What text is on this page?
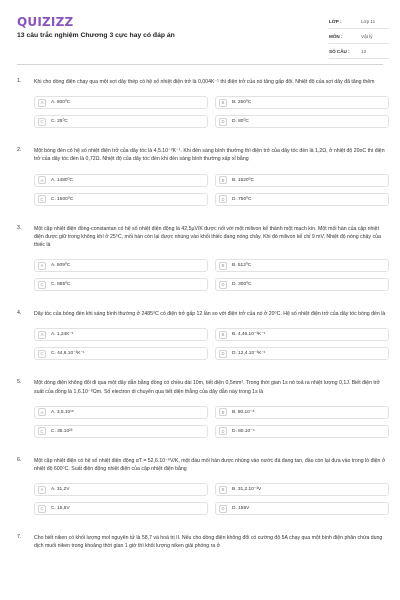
QUIZIZZ
13 câu trắc nghiệm Chương 3 cực hay có đáp án
LỚP :	Lớp 11
MÔN :	Vật lý
SỐ CÂU :	13
1. Khi cho dòng điện chạy qua một sợi dây thép có hệ số nhiệt điện trở là 0,004K⁻¹ thì điện trở của nó tăng gấp đôi. Nhiệt độ của sợi dây đã tăng thêm
A	A. 800⁰C	B	B. 250⁰C
C	C. 25⁰C	D	D. 80⁰C
2. Một bóng đèn có hệ số nhiệt điện trở của dây tóc là 4,5.10⁻³K⁻¹. Khi đèn sáng bình thường thì điện trở của dây tóc đèn là 1,2Ω, ở nhiệt độ 20oC thì điện trở của dây tóc đèn là 0,72Ω. Nhiệt độ của dây tóc đèn khi đèn sáng bình thường xấp xỉ bằng
A	A. 1480⁰C	B	B. 1520⁰C
C	C. 1500⁰C	D	D. 750⁰C
3. Một cặp nhiệt điện đồng-constantan có hệ số nhiệt điện động là 42,5μV/K được nối với một milivon kế thành một mạch kín. Một mối hàn của cặp nhiệt điện được giữ trong không khí ở 25⁰C, mối hàn còn lại được nhúng vào khối thiếc đang nóng chảy. Khi đó milivon kế chỉ 9 mV. Nhiệt độ nóng chảy của thiếc là
A	A. 509⁰C	B	B. 512⁰C
C	C. 885⁰C	D	D. 300⁰C
4. Dây tóc của bóng đèn khi sáng bình thường ở 2485⁰C có điện trở gấp 12 lần so với điện trở của nó ở 20⁰C. Hệ số nhiệt điện trở của dây tóc bóng đèn là
A	A. 1,24K⁻¹	B	B. 4,46.10⁻³K⁻¹
C	C. 44,6.10⁻³K⁻¹	D	D. 12,4.10⁻³K⁻¹
5. Một dòng điện không đổi đi qua một dây dẫn bằng đồng có chiều dài 10m, tiết diện 0,5mm². Trong thời gian 1s nó toả ra nhiệt lượng 0,1J. Biết điện trở suất của đồng là 1,6.10⁻⁸Ωm. Số electron di chuyển qua tiết diện thẳng của dây dẫn này trong 1s là
A	A. 3,5.10¹⁸	B	B. 80.10⁻⁸
C	C. 35.10²³	D	D. 80.10⁻⁴
6. Một cặp nhiệt điện có hệ số nhiệt điện động αT = 52,6.10⁻⁶V/K, một đầu mối hàn được nhúng vào nước đá đang tan, đầu còn lại đưa vào trong lò điện ở nhiệt độ 600⁰C. Suất điện động nhiệt điện của cặp nhiệt điện bằng
A	A. 31,2V	B	B. 31,2.10⁻³V
C	C. 15,5V	D	D. 155V
7. Cho biết niken có khối lượng mol nguyên tử là 58,7 và hoá trị II. Nếu cho dòng điện không đổi có cường độ 5A chạy qua một bình điện phân chứa dung dịch muối niken trong khoảng thời gian 1 giờ thì khối lượng niken giải phóng ra ở
